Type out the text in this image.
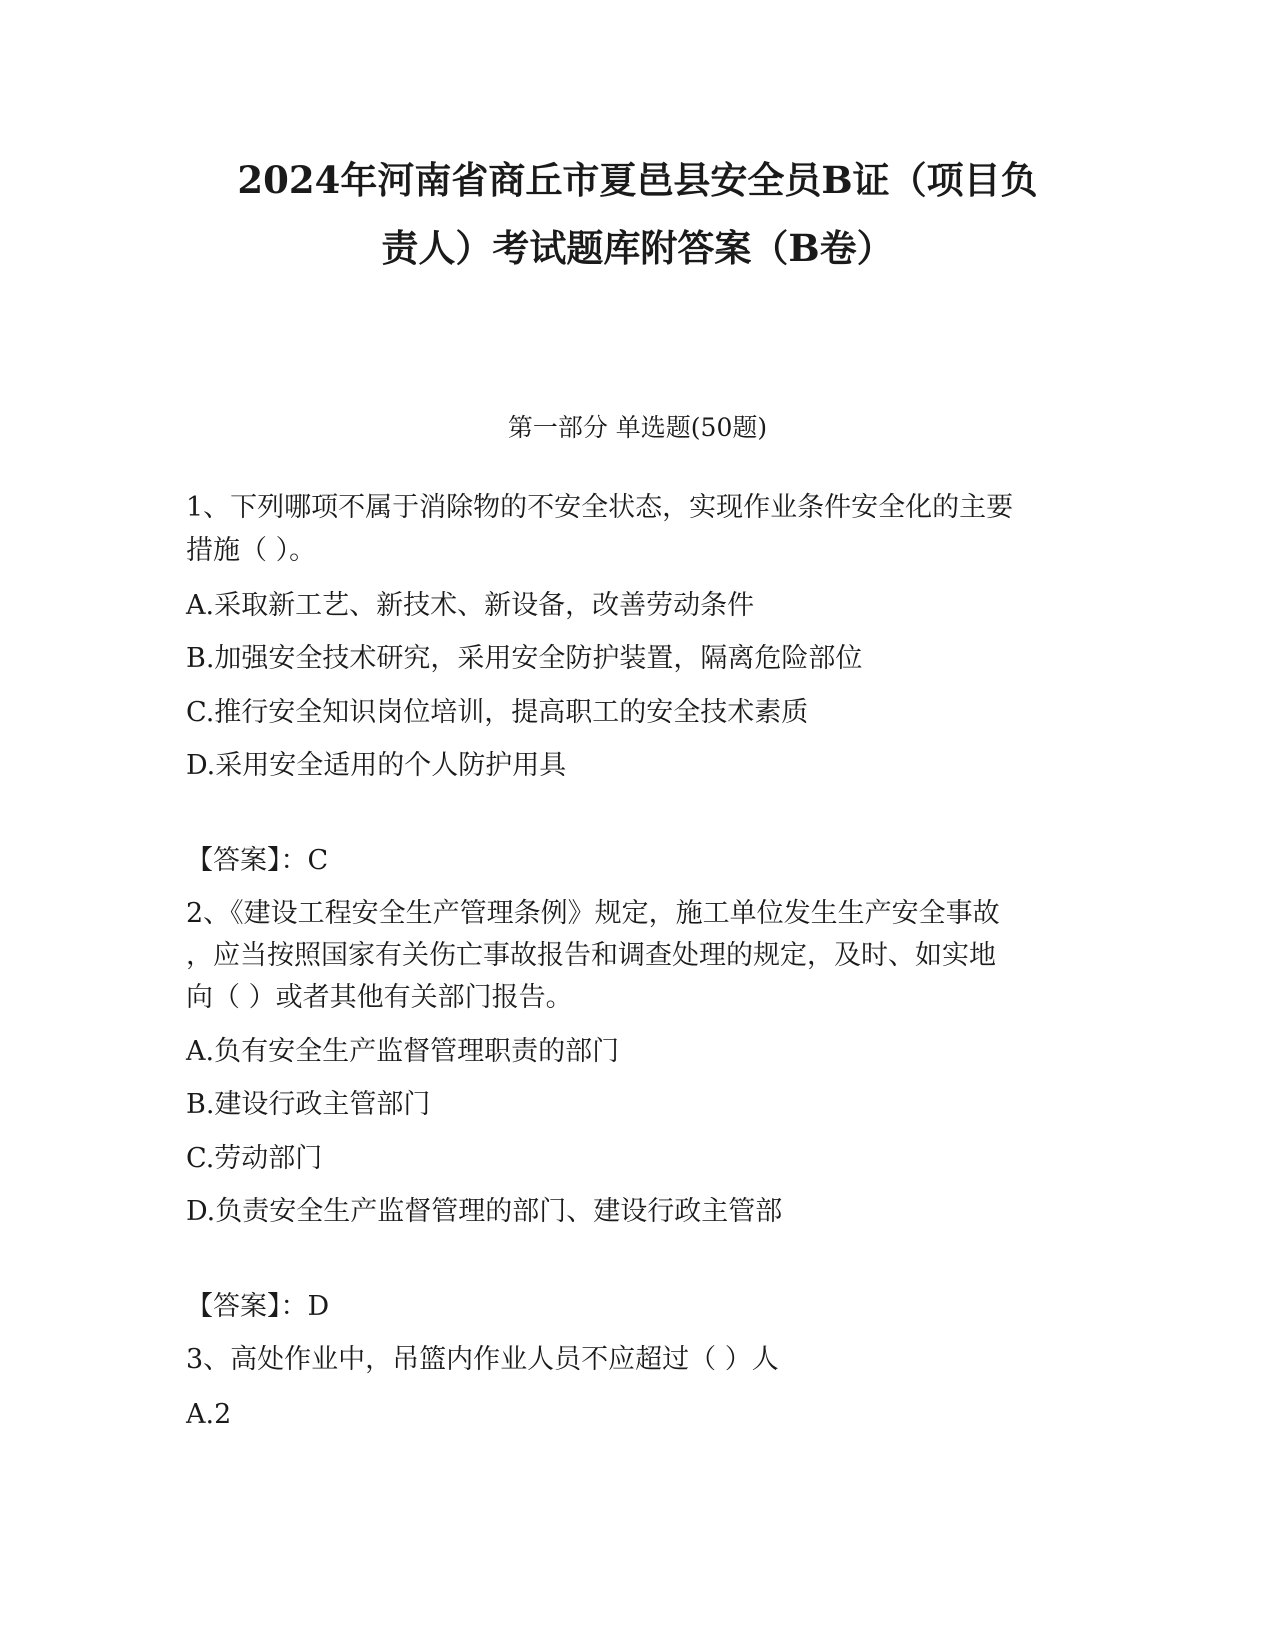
2024年河南省商丘市夏邑县安全员B证（项目负
责人）考试题库附答案（B卷）
第一部分 单选题(50题)
1、下列哪项不属于消除物的不安全状态，实现作业条件安全化的主要
措施（ ）。
A.采取新工艺、新技术、新设备，改善劳动条件
B.加强安全技术研究，采用安全防护装置，隔离危险部位
C.推行安全知识岗位培训，提高职工的安全技术素质
D.采用安全适用的个人防护用具
【答案】：C
2、《建设工程安全生产管理条例》规定，施工单位发生生产安全事故
，应当按照国家有关伤亡事故报告和调查处理的规定，及时、如实地
向（ ）或者其他有关部门报告。
A.负有安全生产监督管理职责的部门
B.建设行政主管部门
C.劳动部门
D.负责安全生产监督管理的部门、建设行政主管部
【答案】：D
3、高处作业中，吊篮内作业人员不应超过（ ）人
A.2
